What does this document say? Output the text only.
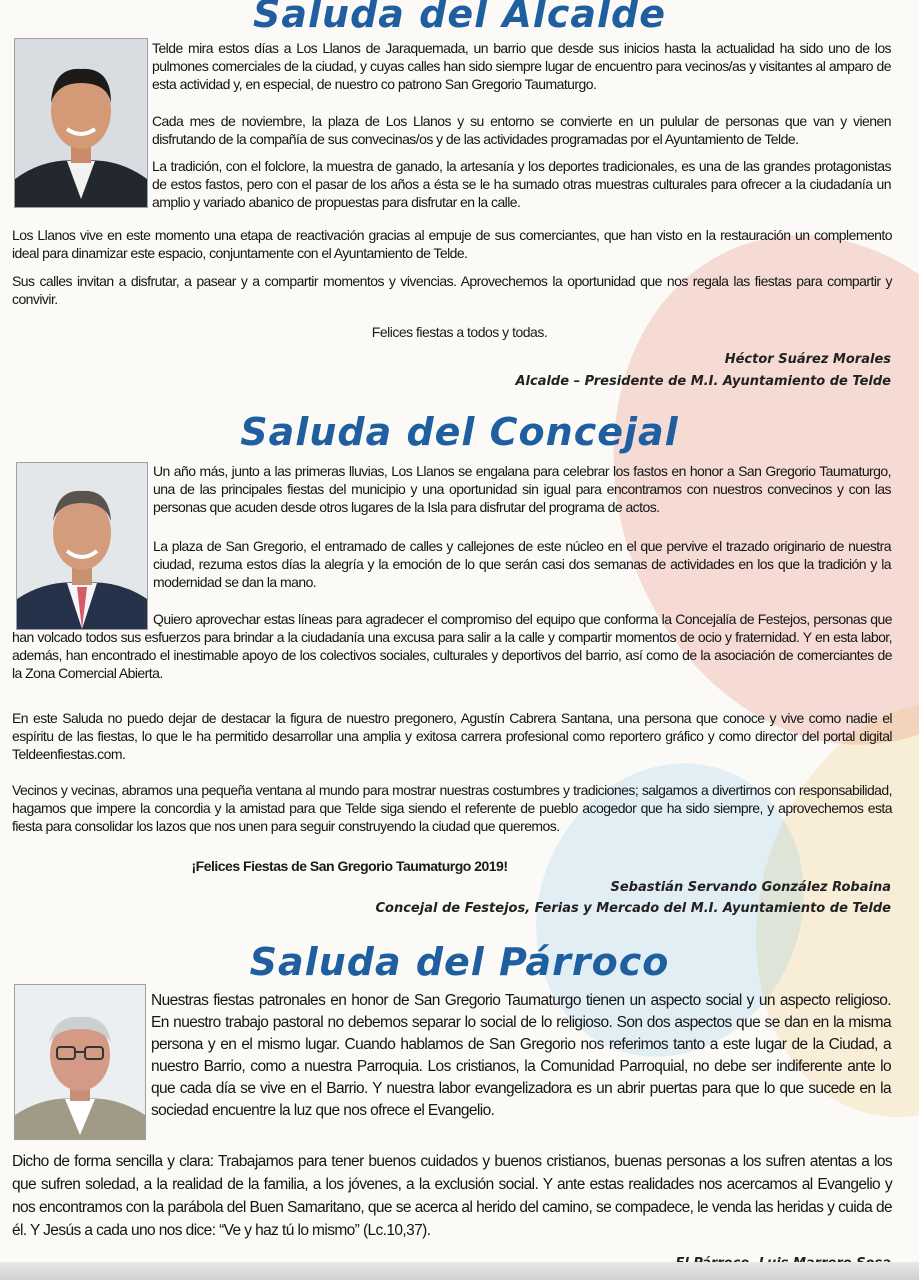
Saluda del Alcalde

Telde mira estos días a Los Llanos de Jaraquemada, un barrio que desde sus inicios hasta la actualidad ha sido uno de los pulmones comerciales de la ciudad, y cuyas calles han sido siempre lugar de encuentro para vecinos/as y visitantes al amparo de esta actividad y, en especial, de nuestro co patrono San Gregorio Taumaturgo.

Cada mes de noviembre, la plaza de Los Llanos y su entorno se convierte en un pulular de personas que van y vienen disfrutando de la compañía de sus convecinas/os y de las actividades programadas por el Ayuntamiento de Telde.

La tradición, con el folclore, la muestra de ganado, la artesanía y los deportes tradicionales, es una de las grandes protagonistas de estos fastos, pero con el pasar de los años a ésta se le ha sumado otras muestras culturales para ofrecer a la ciudadanía un amplio y variado abanico de propuestas para disfrutar en la calle.

Los Llanos vive en este momento una etapa de reactivación gracias al empuje de sus comerciantes, que han visto en la restauración un complemento ideal para dinamizar este espacio, conjuntamente con el Ayuntamiento de Telde.

Sus calles invitan a disfrutar, a pasear y a compartir momentos y vivencias. Aprovechemos la oportunidad que nos regala las fiestas para compartir y convivir.

Felices fiestas a todos y todas.
Héctor Suárez Morales
Alcalde – Presidente de M.I. Ayuntamiento de Telde
Saluda del Concejal

Un año más, junto a las primeras lluvias, Los Llanos se engalana para celebrar los fastos en honor a San Gregorio Taumaturgo, una de las principales fiestas del municipio y una oportunidad sin igual para encontramos con nuestros convecinos y con las personas que acuden desde otros lugares de la Isla para disfrutar del programa de actos.

La plaza de San Gregorio, el entramado de calles y callejones de este núcleo en el que pervive el trazado originario de nuestra ciudad, rezuma estos días la alegría y la emoción de lo que serán casi dos semanas de actividades en los que la tradición y la modernidad se dan la mano.

Quiero aprovechar estas líneas para agradecer el compromiso del equipo que conforma la Concejalía de Festejos, personas que han volcado todos sus esfuerzos para brindar a la ciudadanía una excusa para salir a la calle y compartir momentos de ocio y fraternidad. Y en esta labor, además, han encontrado el inestimable apoyo de los colectivos sociales, culturales y deportivos del barrio, así como de la asociación de comerciantes de la Zona Comercial Abierta.

En este Saluda no puedo dejar de destacar la figura de nuestro pregonero, Agustín Cabrera Santana, una persona que conoce y vive como nadie el espíritu de las fiestas, lo que le ha permitido desarrollar una amplia y exitosa carrera profesional como reportero gráfico y como director del portal digital Teldeenfiestas.com.

Vecinos y vecinas, abramos una pequeña ventana al mundo para mostrar nuestras costumbres y tradiciones; salgamos a divertirnos con responsabilidad, hagamos que impere la concordia y la amistad para que Telde siga siendo el referente de pueblo acogedor que ha sido siempre, y aprovechemos esta fiesta para consolidar los lazos que nos unen para seguir construyendo la ciudad que queremos.

¡Felices Fiestas de San Gregorio Taumaturgo 2019!
Sebastián Servando González Robaina
Concejal de Festejos, Ferias y Mercado del M.I. Ayuntamiento de Telde
Saluda del Párroco

Nuestras fiestas patronales en honor de San Gregorio Taumaturgo tienen un aspecto social y un aspecto religioso. En nuestro trabajo pastoral no debemos separar lo social de lo religioso. Son dos aspectos que se dan en la misma persona y en el mismo lugar. Cuando hablamos de San Gregorio nos referimos tanto a este lugar de la Ciudad, a nuestro Barrio, como a nuestra Parroquia. Los cristianos, la Comunidad Parroquial, no debe ser indiferente ante lo que cada día se vive en el Barrio. Y nuestra labor evangelizadora es un abrir puertas para que lo que sucede en la sociedad encuentre la luz que nos ofrece el Evangelio.

Dicho de forma sencilla y clara: Trabajamos para tener buenos cuidados y buenos cristianos, buenas personas a los sufren atentas a los que sufren soledad, a la realidad de la familia, a los jóvenes, a la exclusión social. Y ante estas realidades nos acercamos al Evangelio y nos encontramos con la parábola del Buen Samaritano, que se acerca al herido del camino, se compadece, le venda las heridas y cuida de él. Y Jesús a cada uno nos dice: “Ve y haz tú lo mismo” (Lc.10,37).
